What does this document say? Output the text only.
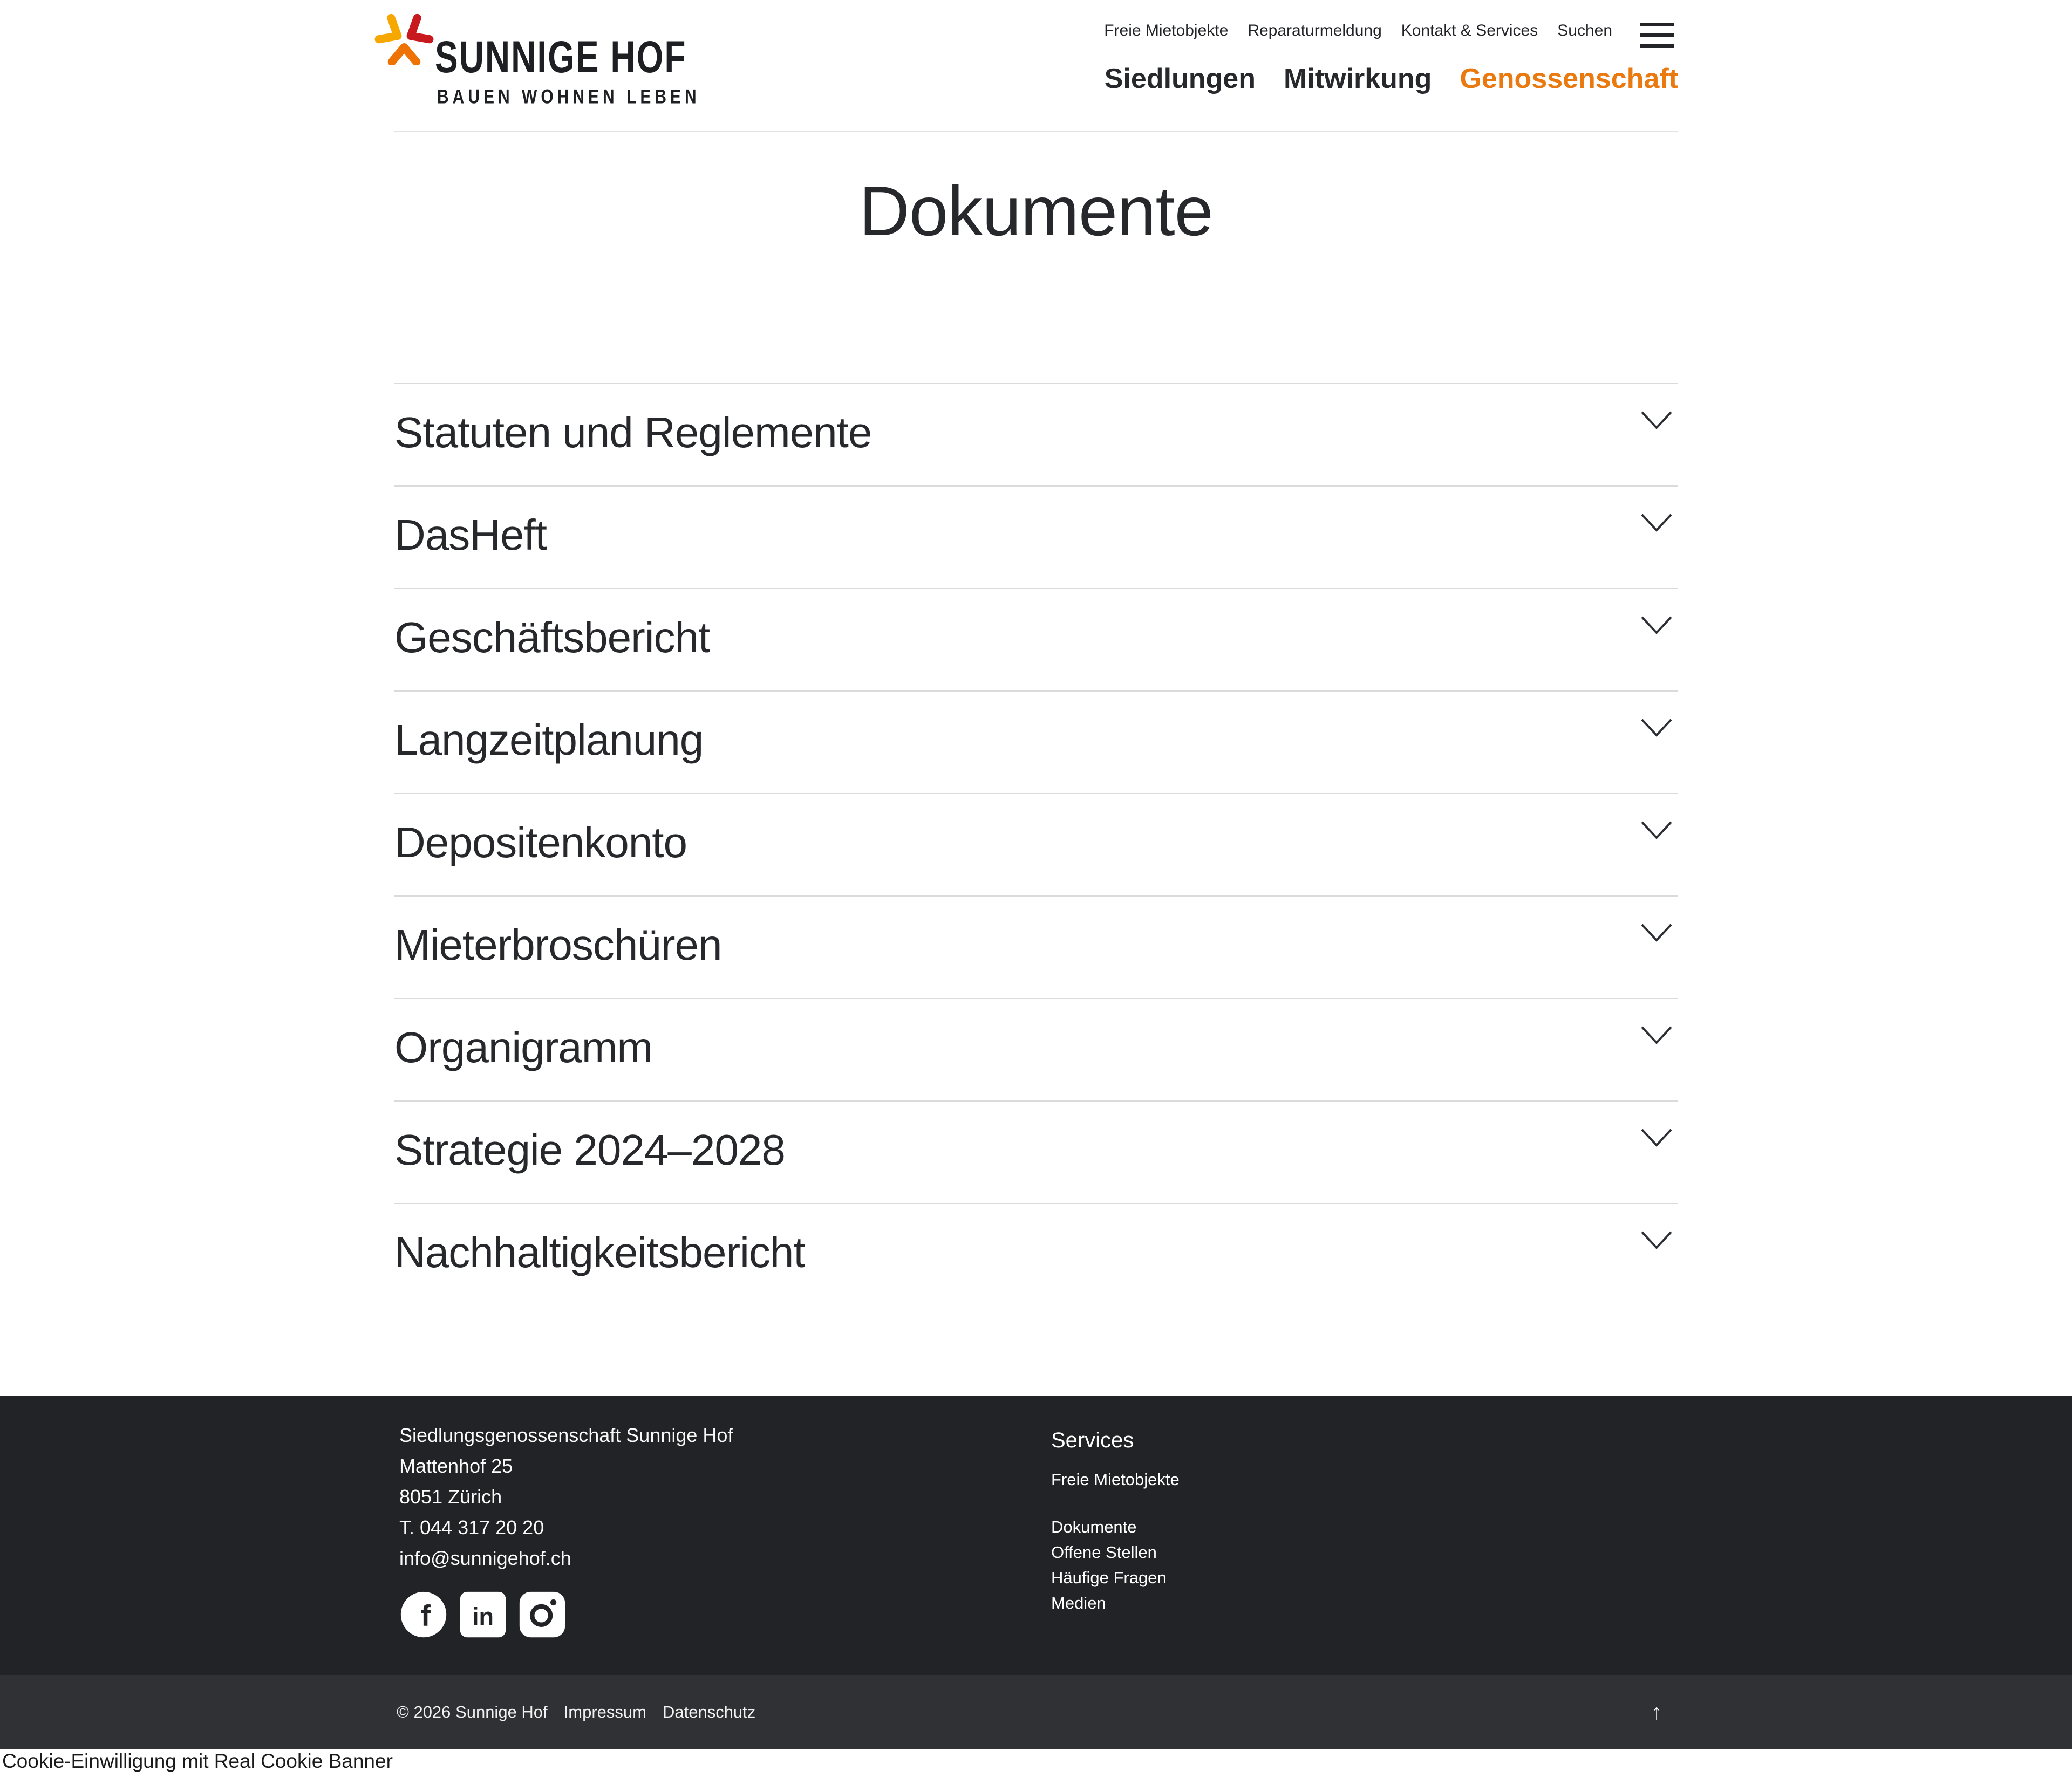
SUNNIGE HOF
BAUEN WOHNEN LEBEN
Freie Mietobjekte Reparaturmeldung Kontakt & Services Suchen
Siedlungen Mitwirkung Genossenschaft
Dokumente
Statuten und Reglemente
DasHeft
Geschäftsbericht
Langzeitplanung
Depositenkonto
Mieterbroschüren
Organigramm
Strategie 2024–2028
Nachhaltigkeitsbericht
Siedlungsgenossenschaft Sunnige Hof
Mattenhof 25
8051 Zürich
T. 044 317 20 20
info@sunnigehof.ch
f in
Services
Freie Mietobjekte
Dokumente
Offene Stellen
Häufige Fragen
Medien
© 2026 Sunnige Hof Impressum Datenschutz	↑
Cookie-Einwilligung mit Real Cookie Banner
